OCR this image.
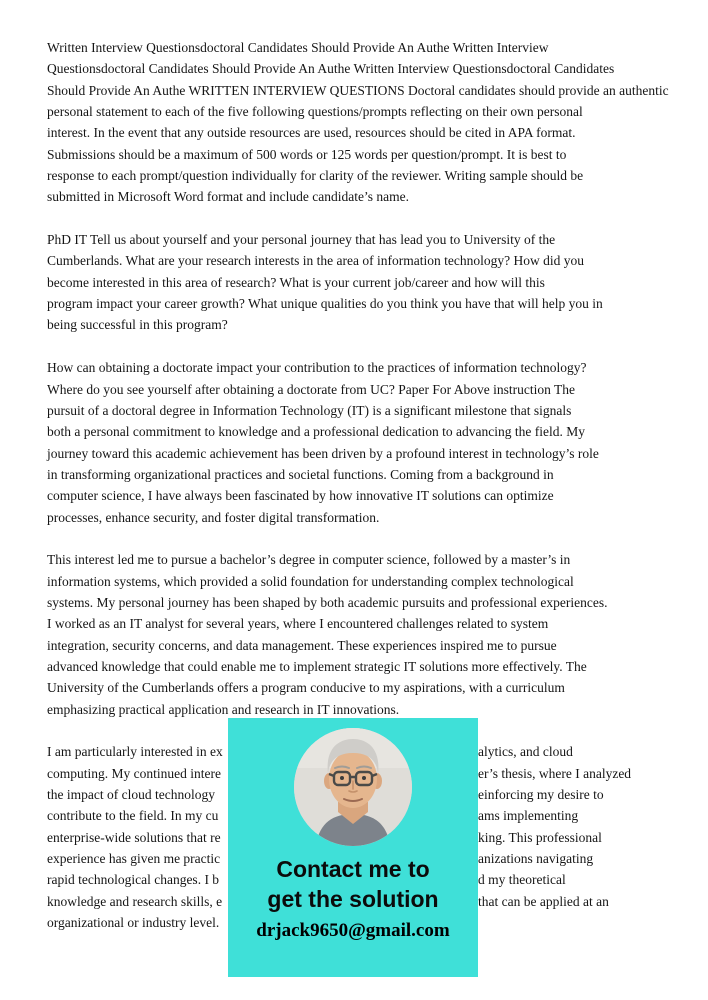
Written Interview Questionsdoctoral Candidates Should Provide An Authe Written Interview
Questionsdoctoral Candidates Should Provide An Authe Written Interview Questionsdoctoral Candidates
Should Provide An Authe WRITTEN INTERVIEW QUESTIONS Doctoral candidates should provide an authentic
personal statement to each of the five following questions/prompts reflecting on their own personal
interest. In the event that any outside resources are used, resources should be cited in APA format.
Submissions should be a maximum of 500 words or 125 words per question/prompt. It is best to
response to each prompt/question individually for clarity of the reviewer. Writing sample should be
submitted in Microsoft Word format and include candidate’s name.
PhD IT Tell us about yourself and your personal journey that has lead you to University of the
Cumberlands. What are your research interests in the area of information technology? How did you
become interested in this area of research? What is your current job/career and how will this
program impact your career growth? What unique qualities do you think you have that will help you in
being successful in this program?
How can obtaining a doctorate impact your contribution to the practices of information technology?
Where do you see yourself after obtaining a doctorate from UC? Paper For Above instruction The
pursuit of a doctoral degree in Information Technology (IT) is a significant milestone that signals
both a personal commitment to knowledge and a professional dedication to advancing the field. My
journey toward this academic achievement has been driven by a profound interest in technology’s role
in transforming organizational practices and societal functions. Coming from a background in
computer science, I have always been fascinated by how innovative IT solutions can optimize
processes, enhance security, and foster digital transformation.
This interest led me to pursue a bachelor’s degree in computer science, followed by a master’s in
information systems, which provided a solid foundation for understanding complex technological
systems. My personal journey has been shaped by both academic pursuits and professional experiences.
I worked as an IT analyst for several years, where I encountered challenges related to system
integration, security concerns, and data management. These experiences inspired me to pursue
advanced knowledge that could enable me to implement strategic IT solutions more effectively. The
University of the Cumberlands offers a program conducive to my aspirations, with a curriculum
emphasizing practical application and research in IT innovations.
I am particularly interested in ex	alytics, and cloud
computing. My continued intere	er’s thesis, where I analyzed
the impact of cloud technology	einforcing my desire to
contribute to the field. In my cu	ams implementing
enterprise-wide solutions that re	king. This professional
experience has given me practic	anizations navigating
rapid technological changes. I b	d my theoretical
knowledge and research skills, e	that can be applied at an
organizational or industry level.
Contact me to
get the solution
drjack9650@gmail.com
